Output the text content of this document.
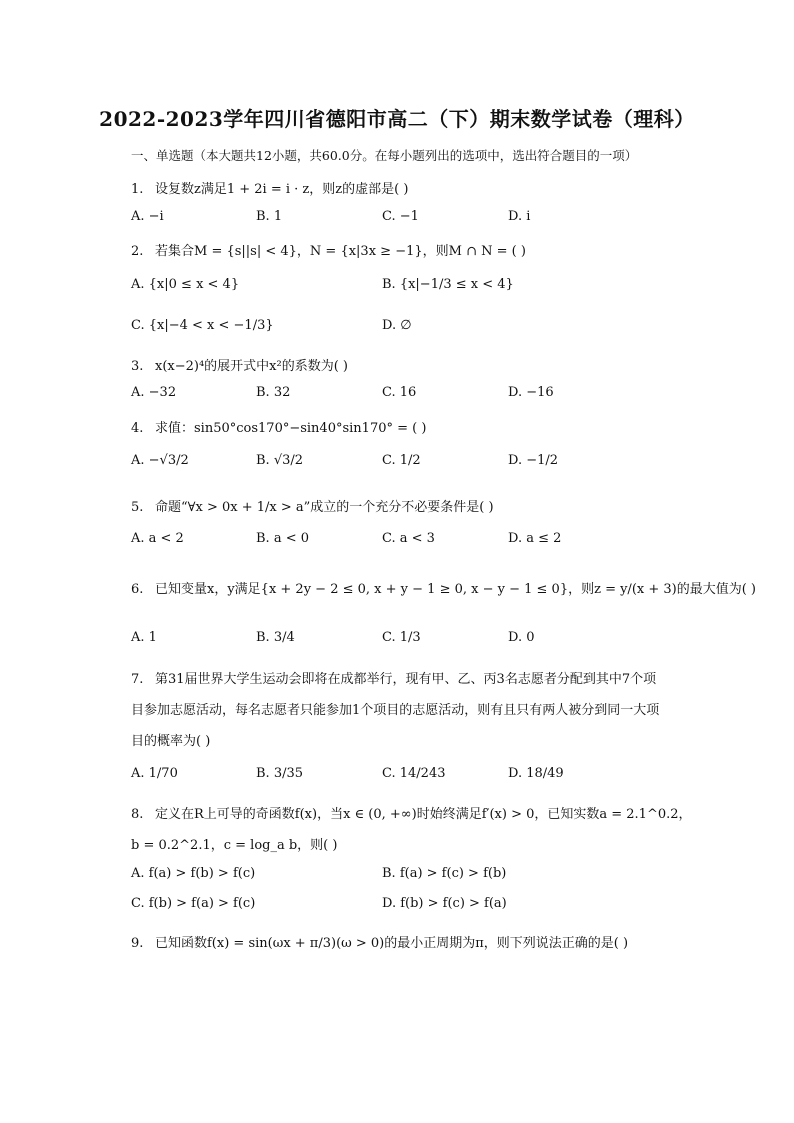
2022-2023学年四川省德阳市高二（下）期末数学试卷（理科）
一、单选题（本大题共12小题，共60.0分。在每小题列出的选项中，选出符合题目的一项）
1. 设复数z满足1 + 2i = i · z，则z的虚部是( )
A. −i	B. 1	C. −1	D. i
2. 若集合M = {s||s| < 4}，N = {x|3x ≥ −1}，则M ∩ N = ( )
A. {x|0 ≤ x < 4}	B. {x|−1/3 ≤ x < 4}
C. {x|−4 < x < −1/3}	D. ∅
3. x(x−2)⁴的展开式中x²的系数为( )
A. −32	B. 32	C. 16	D. −16
4. 求值：sin50°cos170°−sin40°sin170° = ( )
A. −√3/2	B. √3/2	C. 1/2	D. −1/2
5. 命题“∀x > 0x + 1/x > a”成立的一个充分不必要条件是( )
A. a < 2	B. a < 0	C. a < 3	D. a ≤ 2
6. 已知变量x，y满足{x + 2y − 2 ≤ 0, x + y − 1 ≥ 0, x − y − 1 ≤ 0}，则z = y/(x + 3)的最大值为( )
A. 1	B. 3/4	C. 1/3	D. 0
7. 第31届世界大学生运动会即将在成都举行，现有甲、乙、丙3名志愿者分配到其中7个项
目参加志愿活动，每名志愿者只能参加1个项目的志愿活动，则有且只有两人被分到同一大项
目的概率为( )
A. 1/70	B. 3/35	C. 14/243	D. 18/49
8. 定义在R上可导的奇函数f(x)，当x ∈ (0, +∞)时始终满足f′(x) > 0，已知实数a = 2.1^0.2，
b = 0.2^2.1，c = log_a b，则( )
A. f(a) > f(b) > f(c)	B. f(a) > f(c) > f(b)
C. f(b) > f(a) > f(c)	D. f(b) > f(c) > f(a)
9. 已知函数f(x) = sin(ωx + π/3)(ω > 0)的最小正周期为π，则下列说法正确的是( )
